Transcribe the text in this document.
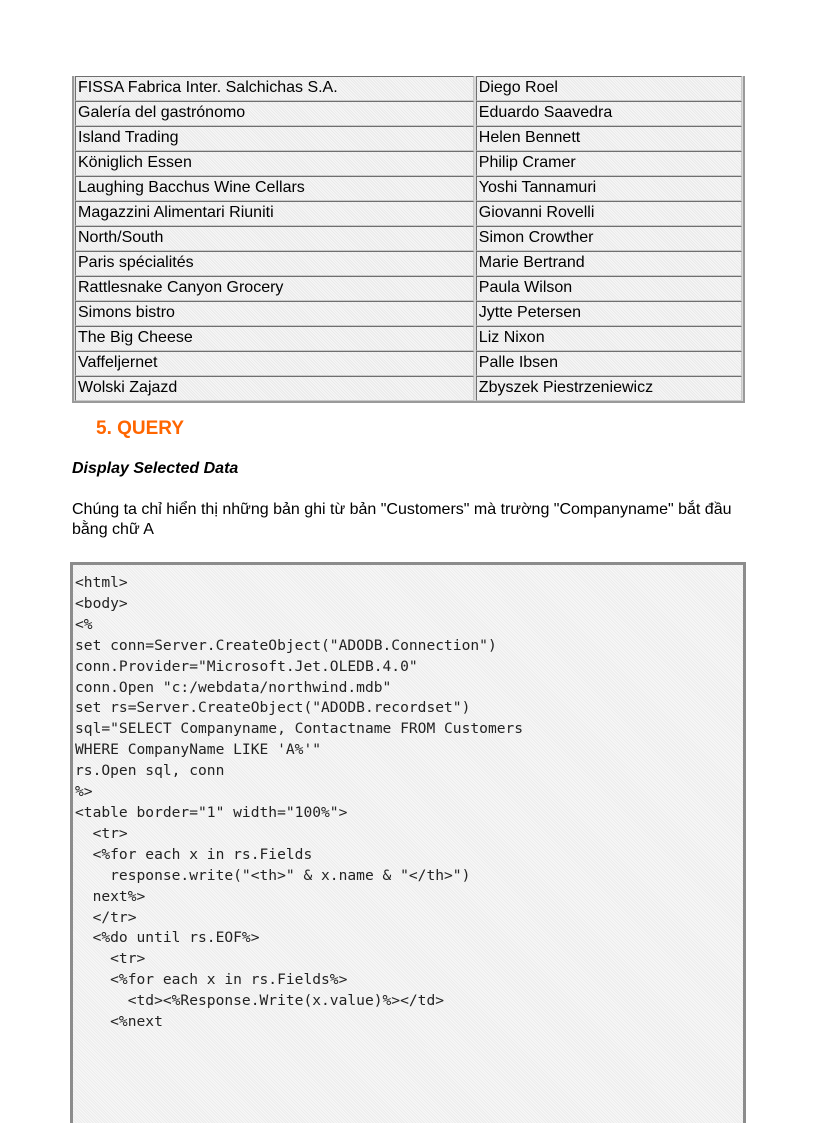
FISSA Fabrica Inter. Salchichas S.A.	Diego Roel
Galería del gastrónomo	Eduardo Saavedra
Island Trading	Helen Bennett
Königlich Essen	Philip Cramer
Laughing Bacchus Wine Cellars	Yoshi Tannamuri
Magazzini Alimentari Riuniti	Giovanni Rovelli
North/South	Simon Crowther
Paris spécialités	Marie Bertrand
Rattlesnake Canyon Grocery	Paula Wilson
Simons bistro	Jytte Petersen
The Big Cheese	Liz Nixon
Vaffeljernet	Palle Ibsen
Wolski Zajazd	Zbyszek Piestrzeniewicz
5. QUERY
Display Selected Data

Chúng ta chỉ hiển thị những bản ghi từ bản "Customers" mà trường "Companyname" bắt đầu bằng chữ A

<html>
<body>
<%
set conn=Server.CreateObject("ADODB.Connection")
conn.Provider="Microsoft.Jet.OLEDB.4.0"
conn.Open "c:/webdata/northwind.mdb"
set rs=Server.CreateObject("ADODB.recordset")
sql="SELECT Companyname, Contactname FROM Customers
WHERE CompanyName LIKE 'A%'"
rs.Open sql, conn
%>
<table border="1" width="100%">
<tr>
<%for each x in rs.Fields
response.write("<th>" & x.name & "</th>")
next%>
</tr>
<%do until rs.EOF%>
<tr>
<%for each x in rs.Fields%>
<td><%Response.Write(x.value)%></td>
<%next
